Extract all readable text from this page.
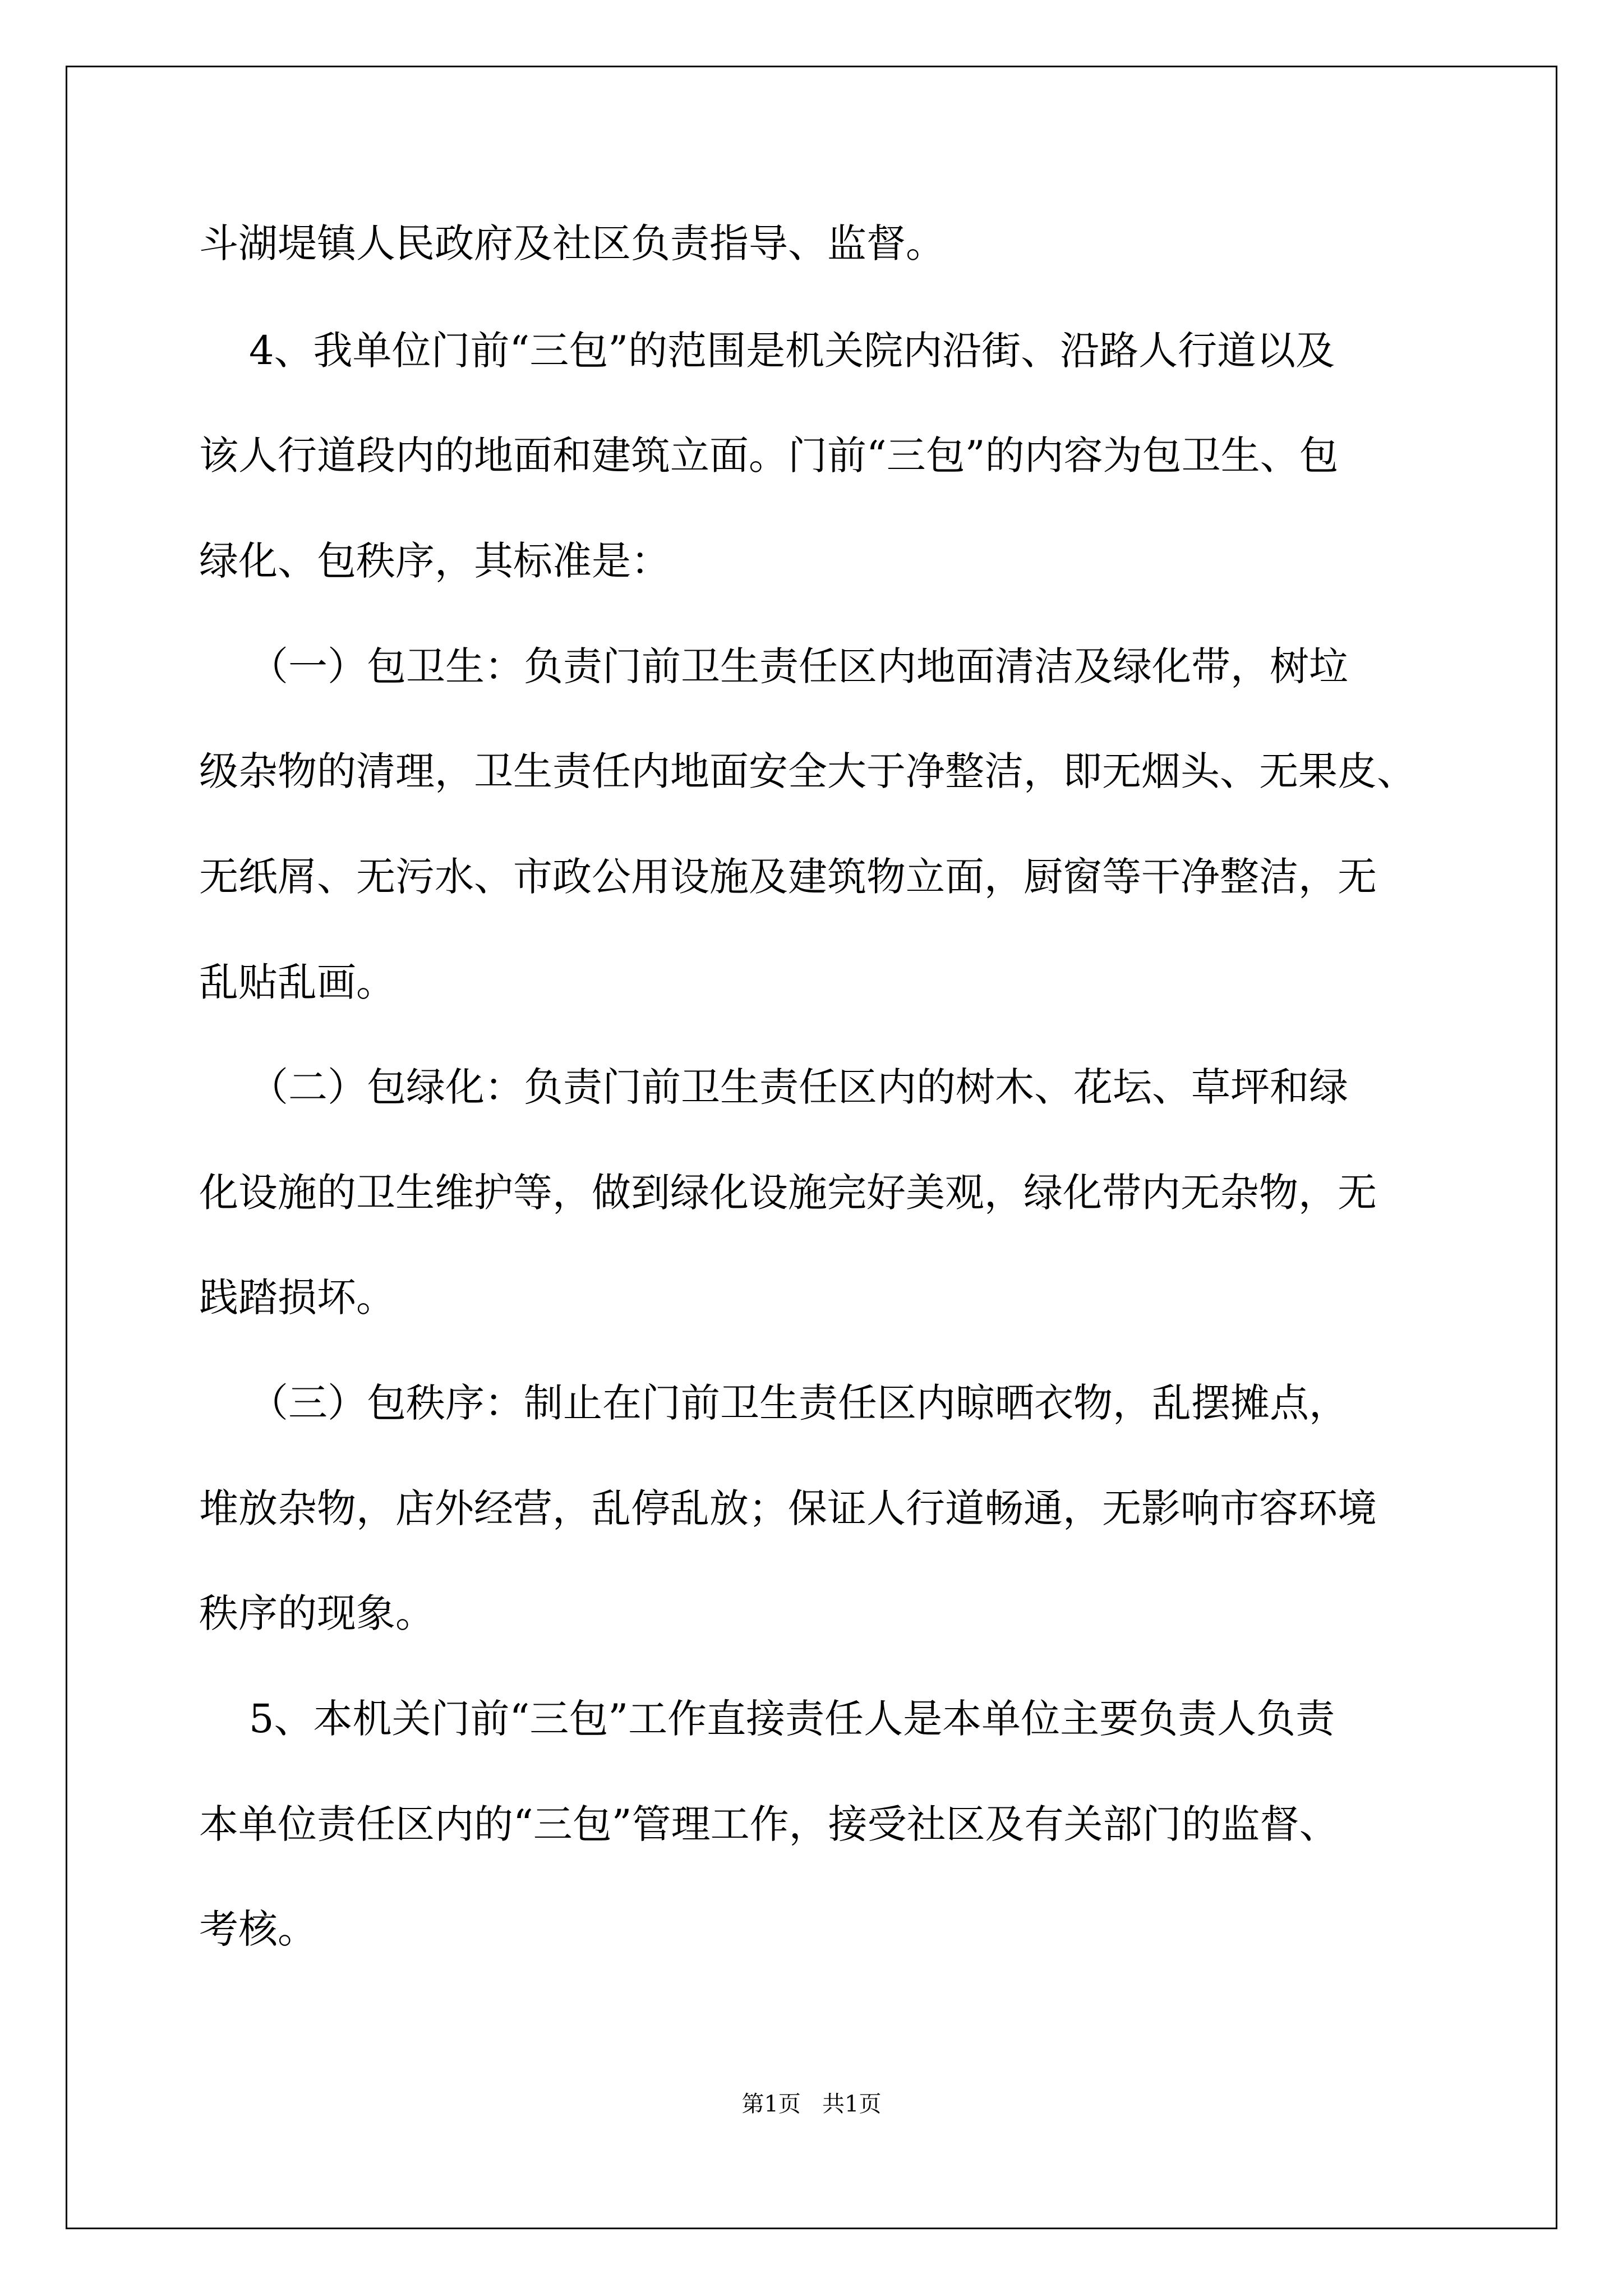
斗湖堤镇人民政府及社区负责指导、监督。

4、我单位门前“三包”的范围是机关院内沿街、沿路人行道以及

该人行道段内的地面和建筑立面。门前“三包”的内容为包卫生、包

绿化、包秩序，其标准是：

（一）包卫生：负责门前卫生责任区内地面清洁及绿化带，树垃

级杂物的清理，卫生责任内地面安全大于净整洁，即无烟头、无果皮、

无纸屑、无污水、市政公用设施及建筑物立面，厨窗等干净整洁，无

乱贴乱画。

（二）包绿化：负责门前卫生责任区内的树木、花坛、草坪和绿

化设施的卫生维护等，做到绿化设施完好美观，绿化带内无杂物，无

践踏损坏。

（三）包秩序：制止在门前卫生责任区内晾晒衣物，乱摆摊点，

堆放杂物，店外经营，乱停乱放；保证人行道畅通，无影响市容环境

秩序的现象。

5、本机关门前“三包”工作直接责任人是本单位主要负责人负责

本单位责任区内的“三包”管理工作，接受社区及有关部门的监督、

考核。

第1页   共1页
